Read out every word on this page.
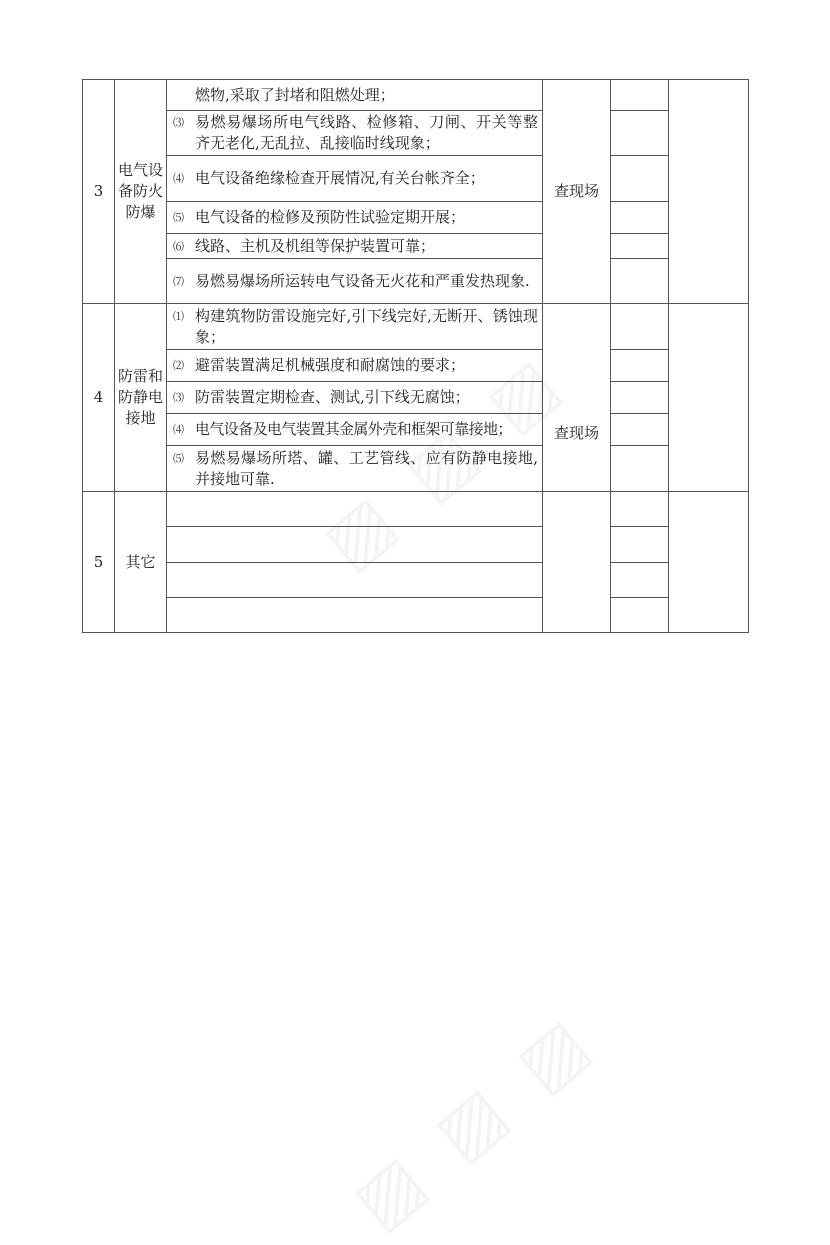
3	电气设备防火防爆	燃物,采取了封堵和阻燃处理；	查现场		

		⑶ 易燃易爆场所电气线路、检修箱、刀闸、开关等整齐无老化,无乱拉、乱接临时线现象；			

		⑷ 电气设备绝缘检查开展情况,有关台帐齐全；			

		⑸ 电气设备的检修及预防性试验定期开展；			

		⑹ 线路、主机及机组等保护装置可靠；			

		⑺ 易燃易爆场所运转电气设备无火花和严重发热现象.			

4	防雷和防静电接地	⑴ 构建筑物防雷设施完好,引下线完好,无断开、锈蚀现象；	查现场		

		⑵ 避雷装置满足机械强度和耐腐蚀的要求；			

		⑶ 防雷装置定期检查、测试,引下线无腐蚀；			

		⑷ 电气设备及电气装置其金属外壳和框架可靠接地；			

		⑸ 易燃易爆场所塔、罐、工艺管线、应有防静电接地,并接地可靠.			

5	其它	
